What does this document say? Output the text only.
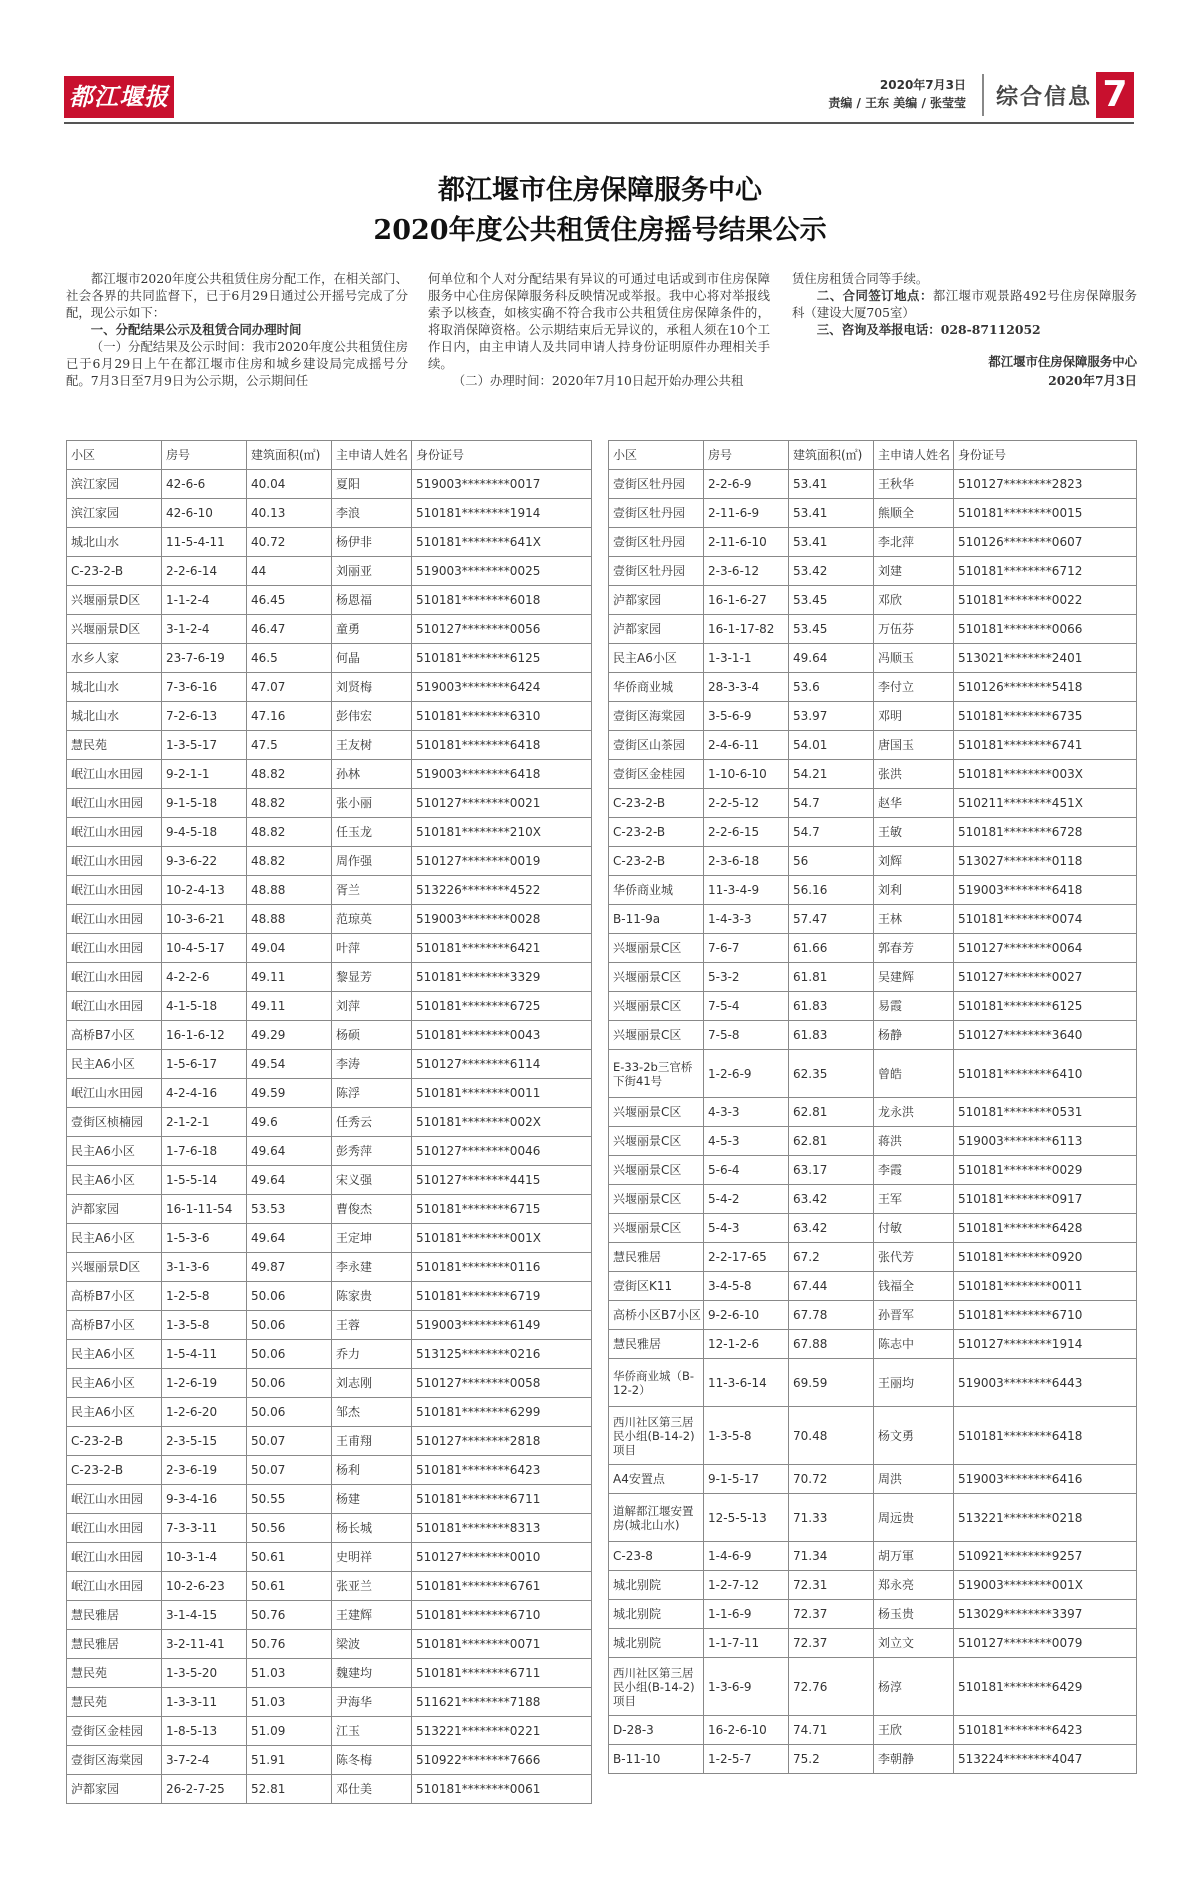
都江堰报	2020年7月3日
责编 / 王东 美编 / 张莹莹 综合信息 7
都江堰市住房保障服务中心
2020年度公共租赁住房摇号结果公示

都江堰市2020年度公共租赁住房分配工作，在相关部门、社会各界的共同监督下，已于6月29日通过公开摇号完成了分配，现公示如下：

一、分配结果公示及租赁合同办理时间

（一）分配结果及公示时间：我市2020年度公共租赁住房已于6月29日上午在都江堰市住房和城乡建设局完成摇号分配。7月3日至7月9日为公示期，公示期间任

何单位和个人对分配结果有异议的可通过电话或到市住房保障服务中心住房保障服务科反映情况或举报。我中心将对举报线索予以核查，如核实确不符合我市公共租赁住房保障条件的，将取消保障资格。公示期结束后无异议的，承租人须在10个工作日内，由主申请人及共同申请人持身份证明原件办理相关手续。

（二）办理时间：2020年7月10日起开始办理公共租

赁住房租赁合同等手续。

二、合同签订地点：都江堰市观景路492号住房保障服务科（建设大厦705室）

三、咨询及举报电话：028-87112052

都江堰市住房保障服务中心
2020年7月3日
小区	房号	建筑面积(㎡)	主申请人姓名	身份证号
滨江家园	42-6-6	40.04	夏阳	519003********0017
滨江家园	42-6-10	40.13	李浪	510181********1914
城北山水	11-5-4-11	40.72	杨伊非	510181********641X
C-23-2-B	2-2-6-14	44	刘丽亚	519003********0025
兴堰丽景D区	1-1-2-4	46.45	杨恩福	510181********6018
兴堰丽景D区	3-1-2-4	46.47	童勇	510127********0056
水乡人家	23-7-6-19	46.5	何晶	510181********6125
城北山水	7-3-6-16	47.07	刘贤梅	519003********6424
城北山水	7-2-6-13	47.16	彭伟宏	510181********6310
慧民苑	1-3-5-17	47.5	王友树	510181********6418
岷江山水田园	9-2-1-1	48.82	孙林	519003********6418
岷江山水田园	9-1-5-18	48.82	张小丽	510127********0021
岷江山水田园	9-4-5-18	48.82	任玉龙	510181********210X
岷江山水田园	9-3-6-22	48.82	周作强	510127********0019
岷江山水田园	10-2-4-13	48.88	胥兰	513226********4522
岷江山水田园	10-3-6-21	48.88	范琼英	519003********0028
岷江山水田园	10-4-5-17	49.04	叶萍	510181********6421
岷江山水田园	4-2-2-6	49.11	黎显芳	510181********3329
岷江山水田园	4-1-5-18	49.11	刘萍	510181********6725
高桥B7小区	16-1-6-12	49.29	杨硕	510181********0043
民主A6小区	1-5-6-17	49.54	李涛	510127********6114
岷江山水田园	4-2-4-16	49.59	陈浮	510181********0011
壹街区桢楠园	2-1-2-1	49.6	任秀云	510181********002X
民主A6小区	1-7-6-18	49.64	彭秀萍	510127********0046
民主A6小区	1-5-5-14	49.64	宋义强	510127********4415
泸都家园	16-1-11-54	53.53	曹俊杰	510181********6715
民主A6小区	1-5-3-6	49.64	王定坤	510181********001X
兴堰丽景D区	3-1-3-6	49.87	李永建	510181********0116
高桥B7小区	1-2-5-8	50.06	陈家贵	510181********6719
高桥B7小区	1-3-5-8	50.06	王蓉	519003********6149
民主A6小区	1-5-4-11	50.06	乔力	513125********0216
民主A6小区	1-2-6-19	50.06	刘志刚	510127********0058
民主A6小区	1-2-6-20	50.06	邹杰	510181********6299
C-23-2-B	2-3-5-15	50.07	王甫翔	510127********2818
C-23-2-B	2-3-6-19	50.07	杨利	510181********6423
岷江山水田园	9-3-4-16	50.55	杨建	510181********6711
岷江山水田园	7-3-3-11	50.56	杨长城	510181********8313
岷江山水田园	10-3-1-4	50.61	史明祥	510127********0010
岷江山水田园	10-2-6-23	50.61	张亚兰	510181********6761
慧民雅居	3-1-4-15	50.76	王建辉	510181********6710
慧民雅居	3-2-11-41	50.76	梁波	510181********0071
慧民苑	1-3-5-20	51.03	魏建均	510181********6711
慧民苑	1-3-3-11	51.03	尹海华	511621********7188
壹街区金桂园	1-8-5-13	51.09	江玉	513221********0221
壹街区海棠园	3-7-2-4	51.91	陈冬梅	510922********7666
泸都家园	26-2-7-25	52.81	邓仕美	510181********0061
小区	房号	建筑面积(㎡)	主申请人姓名	身份证号
壹街区牡丹园	2-2-6-9	53.41	王秋华	510127********2823
壹街区牡丹园	2-11-6-9	53.41	熊顺全	510181********0015
壹街区牡丹园	2-11-6-10	53.41	李北萍	510126********0607
壹街区牡丹园	2-3-6-12	53.42	刘建	510181********6712
泸都家园	16-1-6-27	53.45	邓欣	510181********0022
泸都家园	16-1-17-82	53.45	万伍芬	510181********0066
民主A6小区	1-3-1-1	49.64	冯顺玉	513021********2401
华侨商业城	28-3-3-4	53.6	李付立	510126********5418
壹街区海棠园	3-5-6-9	53.97	邓明	510181********6735
壹街区山茶园	2-4-6-11	54.01	唐国玉	510181********6741
壹街区金桂园	1-10-6-10	54.21	张洪	510181********003X
C-23-2-B	2-2-5-12	54.7	赵华	510211********451X
C-23-2-B	2-2-6-15	54.7	王敏	510181********6728
C-23-2-B	2-3-6-18	56	刘辉	513027********0118
华侨商业城	11-3-4-9	56.16	刘利	519003********6418
B-11-9a	1-4-3-3	57.47	王林	510181********0074
兴堰丽景C区	7-6-7	61.66	郭春芳	510127********0064
兴堰丽景C区	5-3-2	61.81	吴建辉	510127********0027
兴堰丽景C区	7-5-4	61.83	易霞	510181********6125
兴堰丽景C区	7-5-8	61.83	杨静	510127********3640
E-33-2b三官桥下街41号	1-2-6-9	62.35	曾皓	510181********6410
兴堰丽景C区	4-3-3	62.81	龙永洪	510181********0531
兴堰丽景C区	4-5-3	62.81	蒋洪	519003********6113
兴堰丽景C区	5-6-4	63.17	李霞	510181********0029
兴堰丽景C区	5-4-2	63.42	王军	510181********0917
兴堰丽景C区	5-4-3	63.42	付敏	510181********6428
慧民雅居	2-2-17-65	67.2	张代芳	510181********0920
壹街区K11	3-4-5-8	67.44	钱福全	510181********0011
高桥小区B7小区	9-2-6-10	67.78	孙晋军	510181********6710
慧民雅居	12-1-2-6	67.88	陈志中	510127********1914
华侨商业城（B-12-2）	11-3-6-14	69.59	王丽均	519003********6443
西川社区第三居民小组(B-14-2)项目	1-3-5-8	70.48	杨文勇	510181********6418
A4安置点	9-1-5-17	70.72	周洪	519003********6416
道解都江堰安置房(城北山水)	12-5-5-13	71.33	周远贵	513221********0218
C-23-8	1-4-6-9	71.34	胡万軍	510921********9257
城北别院	1-2-7-12	72.31	郑永亮	519003********001X
城北别院	1-1-6-9	72.37	杨玉贵	513029********3397
城北别院	1-1-7-11	72.37	刘立文	510127********0079
西川社区第三居民小组(B-14-2)项目	1-3-6-9	72.76	杨淳	510181********6429
D-28-3	16-2-6-10	74.71	王欣	510181********6423
B-11-10	1-2-5-7	75.2	李朝静	513224********4047
